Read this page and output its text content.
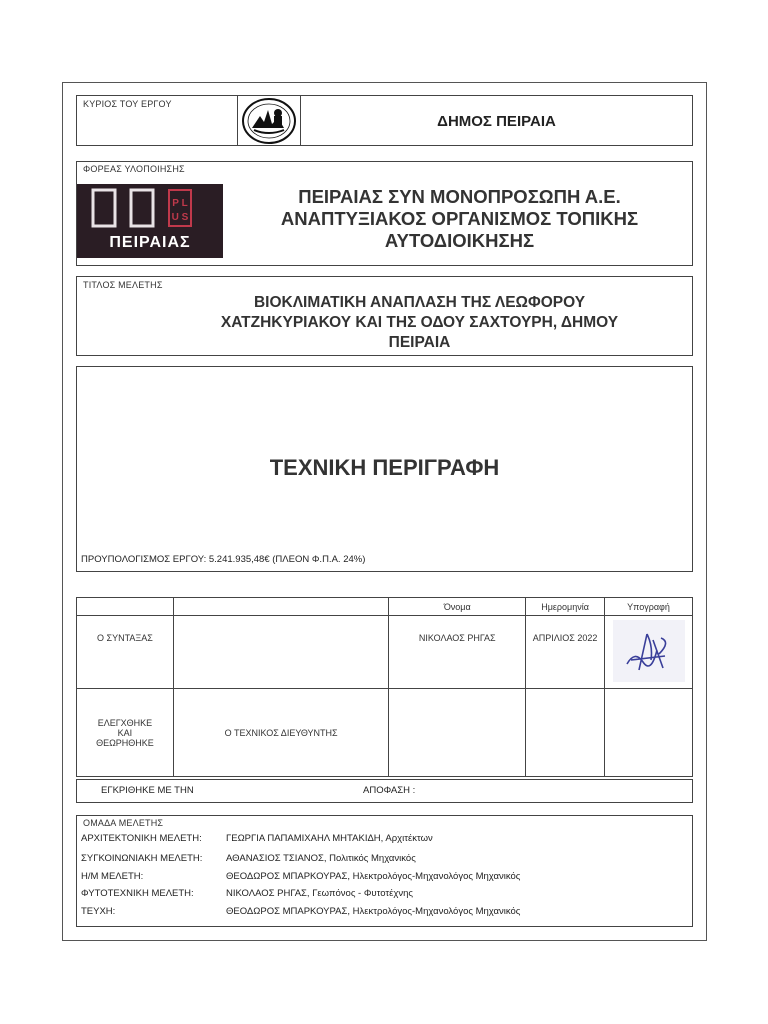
ΚΥΡΙΟΣ ΤΟΥ ΕΡΓΟΥ
ΔΗΜΟΣ ΠΕΙΡΑΙΑ
ΦΟΡΕΑΣ ΥΛΟΠΟΙΗΣΗΣ
P L
U S
ΠΕΙΡΑΙΑΣ
ΠΕΙΡΑΙΑΣ ΣΥΝ ΜΟΝΟΠΡΟΣΩΠΗ Α.Ε.
ΑΝΑΠΤΥΞΙΑΚΟΣ ΟΡΓΑΝΙΣΜΟΣ ΤΟΠΙΚΗΣ
ΑΥΤΟΔΙΟΙΚΗΣΗΣ
ΤΙΤΛΟΣ ΜΕΛΕΤΗΣ
ΒΙΟΚΛΙΜΑΤΙΚΗ ΑΝΑΠΛΑΣΗ ΤΗΣ ΛΕΩΦΟΡΟΥ
ΧΑΤΖΗΚΥΡΙΑΚΟΥ ΚΑΙ ΤΗΣ ΟΔΟΥ ΣΑΧΤΟΥΡΗ, ΔΗΜΟΥ
ΠΕΙΡΑΙΑ
ΤΕΧΝΙΚΗ ΠΕΡΙΓΡΑΦΗ
ΠΡΟΥΠΟΛΟΓΙΣΜΟΣ ΕΡΓΟΥ: 5.241.935,48€ (ΠΛΕΟΝ Φ.Π.Α. 24%)
		Όνομα	Ημερομηνία	Υπογραφή
Ο ΣΥΝΤΑΞΑΣ		ΝΙΚΟΛΑΟΣ ΡΗΓΑΣ	ΑΠΡΙΛΙΟΣ 2022	

ΕΛΕΓΧΘΗΚΕ
ΚΑΙ
ΘΕΩΡΗΘΗΚΕ	Ο ΤΕΧΝΙΚΟΣ ΔΙΕΥΘΥΝΤΗΣ			
ΕΓΚΡΙΘΗΚΕ ΜΕ ΤΗΝ	ΑΠΟΦΑΣΗ :
ΟΜΑΔΑ ΜΕΛΕΤΗΣ
ΑΡΧΙΤΕΚΤΟΝΙΚΗ ΜΕΛΕΤΗ:	ΓΕΩΡΓΙΑ ΠΑΠΑΜΙΧΑΗΛ ΜΗΤΑΚΙΔΗ, Αρχιτέκτων
ΣΥΓΚΟΙΝΩΝΙΑΚΗ ΜΕΛΕΤΗ: ΑΘΑΝΑΣΙΟΣ ΤΣΙΑΝΟΣ, Πολιτικός Μηχανικός
Η/Μ ΜΕΛΕΤΗ:	ΘΕΟΔΩΡΟΣ ΜΠΑΡΚΟΥΡΑΣ, Ηλεκτρολόγος-Μηχανολόγος Μηχανικός
ΦΥΤΟΤΕΧΝΙΚΗ ΜΕΛΕΤΗ:	ΝΙΚΟΛΑΟΣ ΡΗΓΑΣ, Γεωπόνος - Φυτοτέχνης
ΤΕΥΧΗ:	ΘΕΟΔΩΡΟΣ ΜΠΑΡΚΟΥΡΑΣ, Ηλεκτρολόγος-Μηχανολόγος Μηχανικός
